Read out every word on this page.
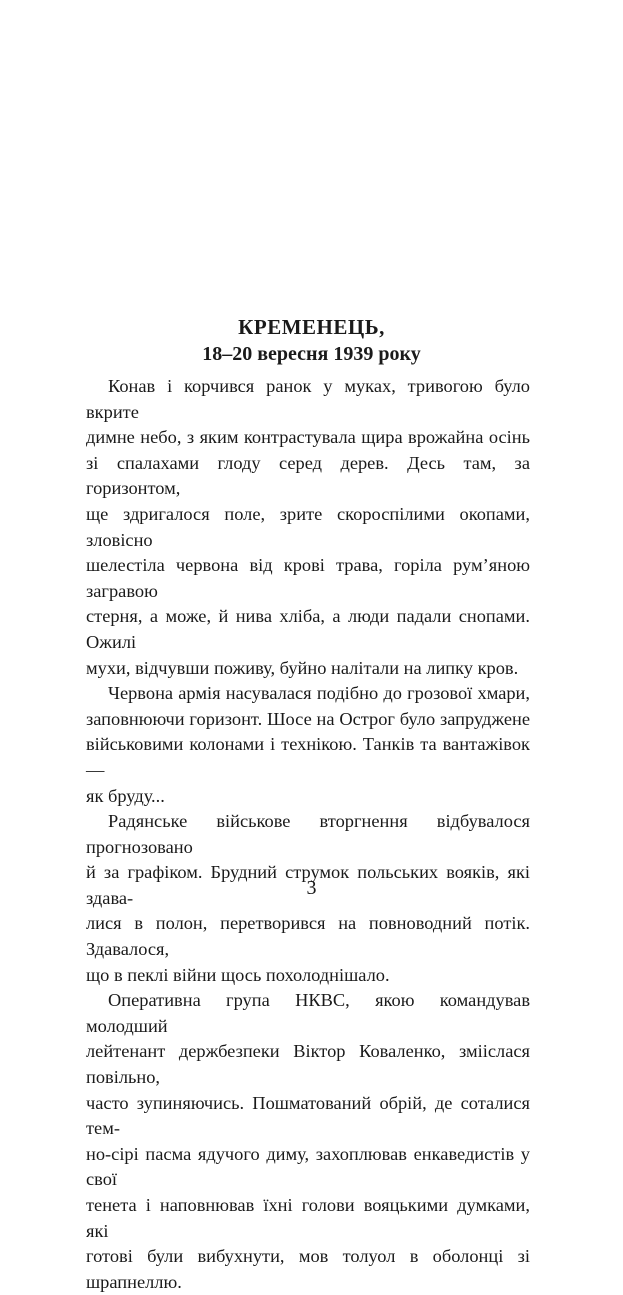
КРЕМЕНЕЦЬ,

18–20 вересня 1939 року

Конав і корчився ранок у муках, тривогою було вкрите
димне небо, з яким контрастувала щира врожайна осінь
зі спалахами глоду серед дерев. Десь там, за горизонтом,
ще здригалося поле, зрите скороспілими окопами, зловісно
шелестіла червона від крові трава, горіла рум’яною загравою
стерня, а може, й нива хліба, а люди падали снопами. Ожилі
мухи, відчувши поживу, буйно налітали на липку кров.

Червона армія насувалася подібно до грозової хмари,
заповнюючи горизонт. Шосе на Острог було запруджене
військовими колонами і технікою. Танків та вантажівок —
як бруду...

Радянське військове вторгнення відбувалося прогнозовано
й за графіком. Брудний струмок польських вояків, які здава-
лися в полон, перетворився на повноводний потік. Здавалося,
що в пеклі війни щось похолоднішало.

Оперативна група НКВС, якою командував молодший
лейтенант держбезпеки Віктор Коваленко, змііслася повільно,
часто зупиняючись. Пошматований обрій, де соталися тем-
но-сірі пасма ядучого диму, захоплював енкаведистів у свої
тенета і наповнював їхні голови вояцькими думками, які
готові були вибухнути, мов толуол в оболонці зі шрапнеллю.

3
